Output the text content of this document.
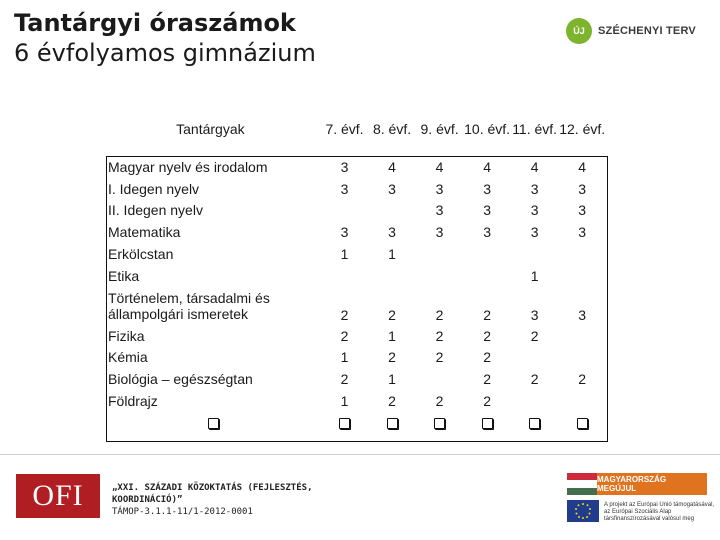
Tantárgyi óraszámok
6 évfolyamos gimnázium
ÚJ	SZÉCHENYI TERV
Tantárgyak	7. évf.	8. évf.	9. évf.	10. évf.	11. évf.	12. évf.
Magyar nyelv és irodalom	3	4	4	4	4	4
I. Idegen nyelv	3	3	3	3	3	3
II. Idegen nyelv			3	3	3	3
Matematika	3	3	3	3	3	3
Erkölcstan	1	1				
Etika					1	
Történelem, társadalmi és állampolgári ismeretek	2	2	2	2	3	3
Fizika	2	1	2	2	2	
Kémia	1	2	2	2		
Biológia – egészségtan	2	1		2	2	2
Földrajz	1	2	2	2		

OFI	„XXI. SZÁZADI KÖZOKTATÁS (FEJLESZTÉS,
KOORDINÁCIÓ)”
TÁMOP-3.1.1-11/1-2012-0001
MAGYARORSZÁG MEGÚJUL
A projekt az Európai Unió támogatásával, az Európai Szociális Alap társfinanszírozásával valósul meg
